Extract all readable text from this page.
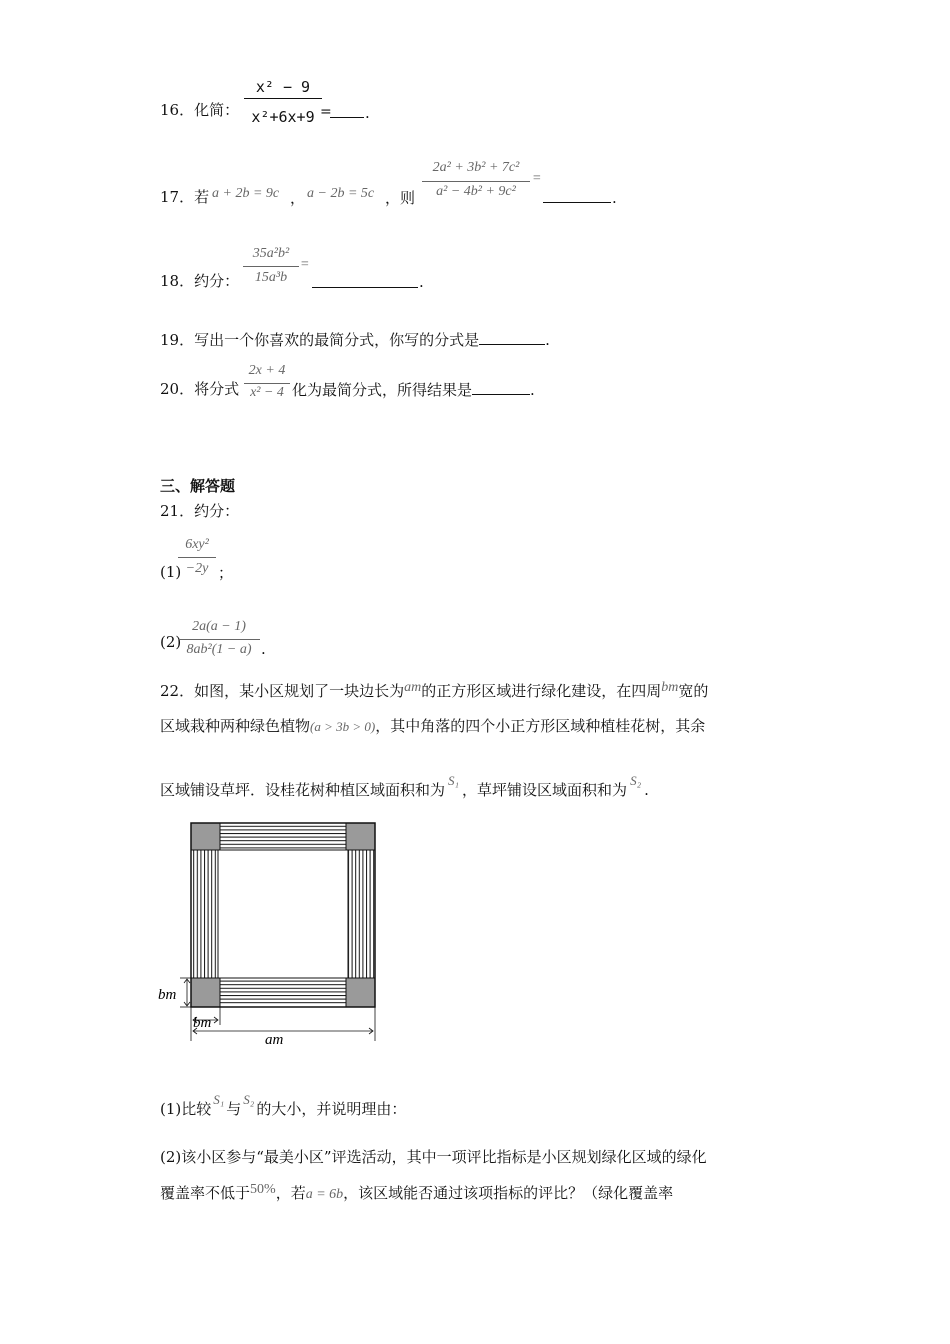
16．化简：
x² − 9
x²+6x+9 = .
17．若 a + 2b = 9c ， a − 2b = 5c ，则
2a² + 3b² + 7c²
a² − 4b² + 9c²
=
.
18．约分：
35a²b²
15a³b
=
.
19．写出一个你喜欢的最简分式，你写的分式是	.
20．将分式
2x + 4
x² − 4 化为最简分式，所得结果是	.
三、解答题
21．约分：
6xy²
(1) −2y ；
(2)
2a(a − 1)
8ab²(1 − a) .
22．如图，某小区规划了一块边长为am的正方形区域进行绿化建设，在四周bm宽的
区域栽种两种绿色植物(a > 3b > 0)，其中角落的四个小正方形区域种植桂花树，其余
区域铺设草坪．设桂花树种植区域面积和为S₁，草坪铺设区域面积和为S₂.
bm
bm
am
(1)比较S₁与S₂的大小，并说明理由：
(2)该小区参与“最美小区”评选活动，其中一项评比指标是小区规划绿化区域的绿化
覆盖率不低于50%，若a = 6b，该区域能否通过该项指标的评比？（绿化覆盖率
